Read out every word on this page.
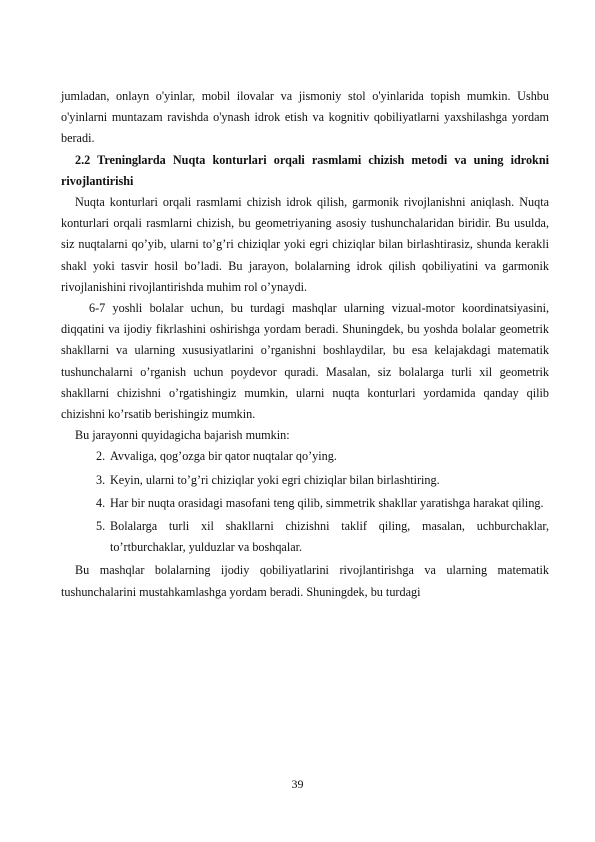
jumladan, onlayn o'yinlar, mobil ilovalar va jismoniy stol o'yinlarida topish mumkin. Ushbu o'yinlarni muntazam ravishda o'ynash idrok etish va kognitiv qobiliyatlarni yaxshilashga yordam beradi.

2.2 Treninglarda Nuqta konturlari orqali rasmlami chizish metodi va uning idrokni rivojlantirishi

Nuqta konturlari orqali rasmlami chizish idrok qilish, garmonik rivojlanishni aniqlash. Nuqta konturlari orqali rasmlarni chizish, bu geometriyaning asosiy tushunchalaridan biridir. Bu usulda, siz nuqtalarni qo’yib, ularni to’g’ri chiziqlar yoki egri chiziqlar bilan birlashtirasiz, shunda kerakli shakl yoki tasvir hosil bo’ladi. Bu jarayon, bolalarning idrok qilish qobiliyatini va garmonik rivojlanishini rivojlantirishda muhim rol o’ynaydi.

6-7 yoshli bolalar uchun, bu turdagi mashqlar ularning vizual-motor koordinatsiyasini, diqqatini va ijodiy fikrlashini oshirishga yordam beradi. Shuningdek, bu yoshda bolalar geometrik shakllarni va ularning xususiyatlarini o’rganishni boshlaydilar, bu esa kelajakdagi matematik tushunchalarni o’rganish uchun poydevor quradi. Masalan, siz bolalarga turli xil geometrik shakllarni chizishni o’rgatishingiz mumkin, ularni nuqta konturlari yordamida qanday qilib chizishni ko’rsatib berishingiz mumkin.

Bu jarayonni quyidagicha bajarish mumkin:

2. Avvaliga, qog’ozga bir qator nuqtalar qo’ying.
3. Keyin, ularni to’g’ri chiziqlar yoki egri chiziqlar bilan birlashtiring.
4. Har bir nuqta orasidagi masofani teng qilib, simmetrik shakllar yaratishga harakat qiling.
5. Bolalarga turli xil shakllarni chizishni taklif qiling, masalan, uchburchaklar, to’rtburchaklar, yulduzlar va boshqalar.

Bu mashqlar bolalarning ijodiy qobiliyatlarini rivojlantirishga va ularning matematik tushunchalarini mustahkamlashga yordam beradi. Shuningdek, bu turdagi

39
